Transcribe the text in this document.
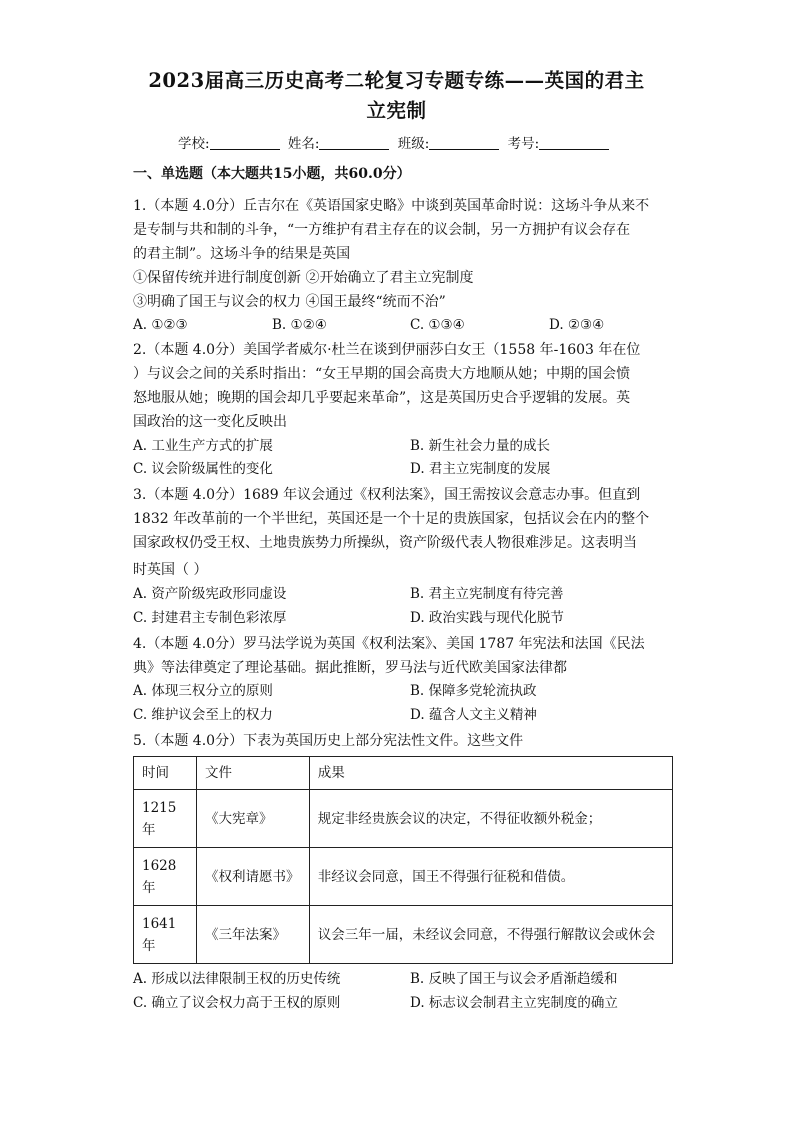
2023届高三历史高考二轮复习专题专练——英国的君主
立宪制
学校:	姓名:	班级:	考号:
一、单选题（本大题共15小题，共60.0分）
1.（本题 4.0分）丘吉尔在《英语国家史略》中谈到英国革命时说：这场斗争从来不
是专制与共和制的斗争，“一方维护有君主存在的议会制，另一方拥护有议会存在
的君主制”。这场斗争的结果是英国
①保留传统并进行制度创新 ②开始确立了君主立宪制度
③明确了国王与议会的权力 ④国王最终“统而不治”
A. ①②③	B. ①②④	C. ①③④	D. ②③④
2.（本题 4.0分）美国学者威尔·杜兰在谈到伊丽莎白女王（1558 年-1603 年在位
）与议会之间的关系时指出：“女王早期的国会高贵大方地顺从她；中期的国会愤
怒地服从她；晚期的国会却几乎要起来革命”，这是英国历史合乎逻辑的发展。英
国政治的这一变化反映出
A. 工业生产方式的扩展	B. 新生社会力量的成长
C. 议会阶级属性的变化	D. 君主立宪制度的发展
3.（本题 4.0分）1689 年议会通过《权利法案》，国王需按议会意志办事。但直到
1832 年改革前的一个半世纪，英国还是一个十足的贵族国家，包括议会在内的整个
国家政权仍受王权、土地贵族势力所操纵，资产阶级代表人物很难涉足。这表明当
时英国（ ）
A. 资产阶级宪政形同虚设	B. 君主立宪制度有待完善
C. 封建君主专制色彩浓厚	D. 政治实践与现代化脱节
4.（本题 4.0分）罗马法学说为英国《权利法案》、美国 1787 年宪法和法国《民法
典》等法律奠定了理论基础。据此推断，罗马法与近代欧美国家法律都
A. 体现三权分立的原则	B. 保障多党轮流执政
C. 维护议会至上的权力	D. 蕴含人文主义精神
5.（本题 4.0分）下表为英国历史上部分宪法性文件。这些文件
时间	文件	成果
1215年	《大宪章》	规定非经贵族会议的决定，不得征收额外税金；
1628年	《权利请愿书》	非经议会同意，国王不得强行征税和借债。
1641年	《三年法案》	议会三年一届，未经议会同意，不得强行解散议会或休会
A. 形成以法律限制王权的历史传统	B. 反映了国王与议会矛盾渐趋缓和
C. 确立了议会权力高于王权的原则	D. 标志议会制君主立宪制度的确立
